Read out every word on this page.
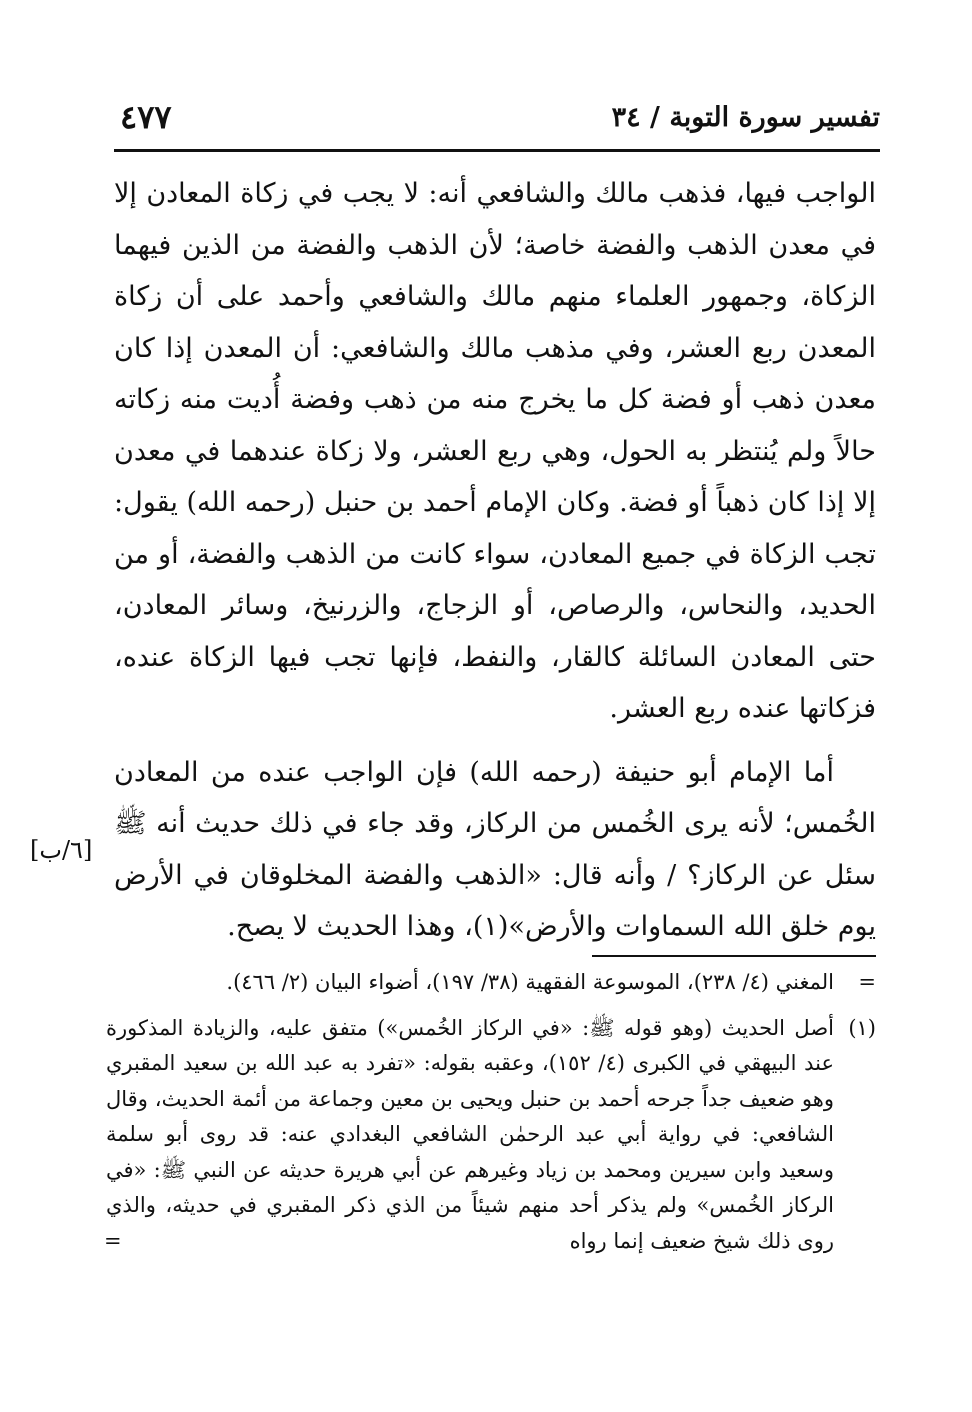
تفسير سورة التوبة / ٣٤
٤٧٧

الواجب فيها، فذهب مالك والشافعي أنه: لا يجب في زكاة المعادن إلا في معدن الذهب والفضة خاصة؛ لأن الذهب والفضة من الذين فيهما الزكاة، وجمهور العلماء منهم مالك والشافعي وأحمد على أن زكاة المعدن ربع العشر، وفي مذهب مالك والشافعي: أن المعدن إذا كان معدن ذهب أو فضة كل ما يخرج منه من ذهب وفضة أُديت منه زكاته حالاً ولم يُنتظر به الحول، وهي ربع العشر، ولا زكاة عندهما في معدن إلا إذا كان ذهباً أو فضة. وكان الإمام أحمد بن حنبل (رحمه الله) يقول: تجب الزكاة في جميع المعادن، سواء كانت من الذهب والفضة، أو من الحديد، والنحاس، والرصاص، أو الزجاج، والزرنيخ، وسائر المعادن، حتى المعادن السائلة كالقار، والنفط، فإنها تجب فيها الزكاة عنده، فزكاتها عنده ربع العشر.

أما الإمام أبو حنيفة (رحمه الله) فإن الواجب عنده من المعادن الخُمس؛ لأنه يرى الخُمس من الركاز، وقد جاء في ذلك حديث أنه ﷺ سئل عن الركاز؟ / وأنه قال: «الذهب والفضة المخلوقان في الأرض يوم خلق الله السماوات والأرض»(١)، وهذا الحديث لا يصح.

[٦/ب]
=
المغني (٤/ ٢٣٨)، الموسوعة الفقهية (٣٨/ ١٩٧)، أضواء البيان (٢/ ٤٦٦).
(١)
أصل الحديث (وهو قوله ﷺ: «في الركاز الخُمس») متفق عليه، والزيادة المذكورة عند البيهقي في الكبرى (٤/ ١٥٢)، وعقبه بقوله: «تفرد به عبد الله بن سعيد المقبري وهو ضعيف جداً جرحه أحمد بن حنبل ويحيى بن معين وجماعة من أئمة الحديث، وقال الشافعي: في رواية أبي عبد الرحمٰن الشافعي البغدادي عنه: قد روى أبو سلمة وسعيد وابن سيرين ومحمد بن زياد وغيرهم عن أبي هريرة حديثه عن النبي ﷺ: «في الركاز الخُمس» ولم يذكر أحد منهم شيئاً من الذي ذكر المقبري في حديثه، والذي روى ذلك شيخ ضعيف إنما رواه
=
